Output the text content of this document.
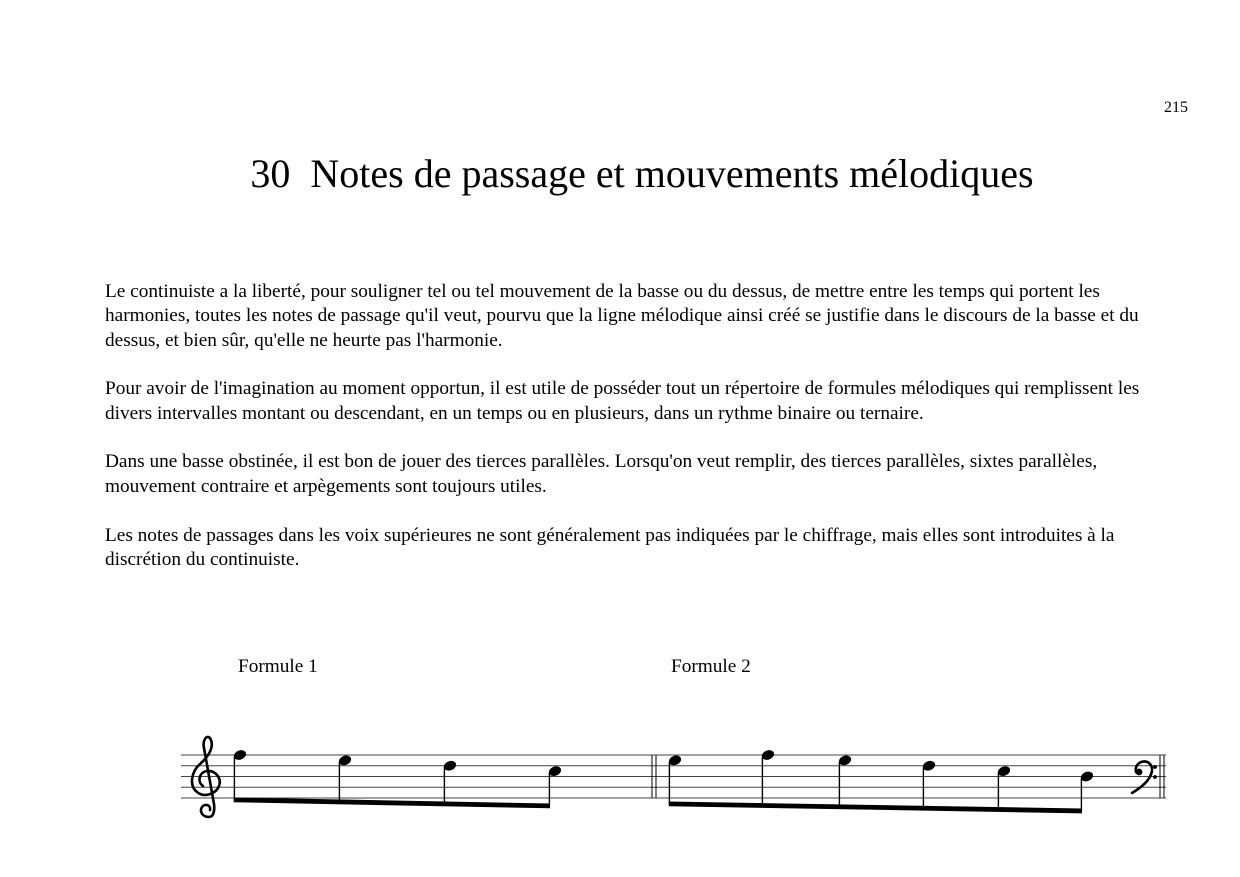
215
30  Notes de passage et mouvements mélodiques

Le continuiste a la liberté, pour souligner tel ou tel mouvement de la basse ou du dessus, de mettre entre les temps qui portent les harmonies, toutes les notes de passage qu'il veut, pourvu que la ligne mélodique ainsi créé se justifie dans le discours de la basse et du dessus, et bien sûr, qu'elle ne heurte pas l'harmonie.

Pour avoir de l'imagination au moment opportun, il est utile de posséder tout un répertoire de formules mélodiques qui remplissent les divers intervalles montant ou descendant, en un temps ou en plusieurs, dans un rythme binaire ou ternaire.

Dans une basse obstinée, il est bon de jouer des tierces parallèles. Lorsqu'on veut remplir, des tierces parallèles, sixtes parallèles, mouvement contraire et arpègements sont toujours utiles.

Les notes de passages dans les voix supérieures ne sont généralement pas indiquées par le chiffrage, mais elles sont introduites à la discrétion du continuiste.

Formule 1	Formule 2
